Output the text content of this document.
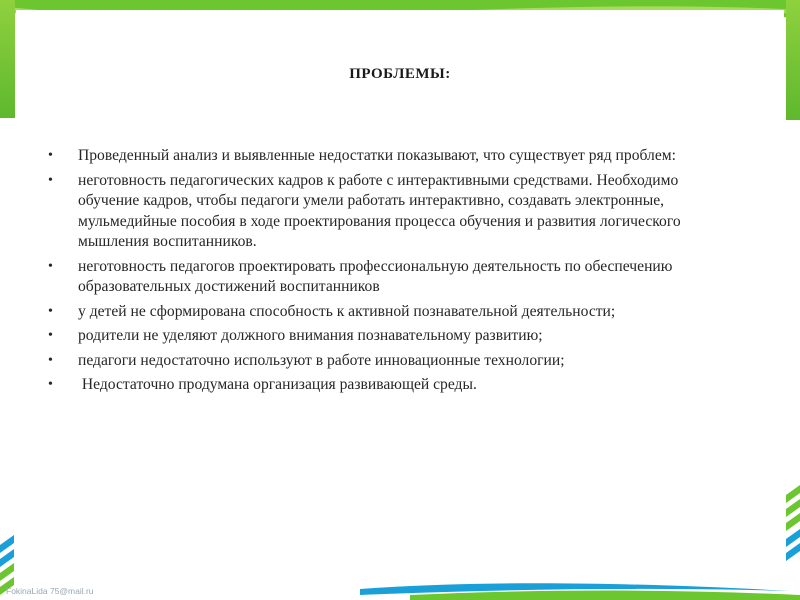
ПРОБЛЕМЫ:
• Проведенный анализ и выявленные недостатки показывают, что существует ряд проблем:
• неготовность педагогических кадров к работе с интерактивными средствами. Необходимо обучение кадров, чтобы педагоги умели работать интерактивно, создавать электронные, мульмедийные пособия в ходе проектирования процесса обучения и развития логического мышления воспитанников.
• неготовность педагогов проектировать профессиональную деятельность по обеспечению образовательных достижений воспитанников
• у детей не сформирована способность к активной познавательной деятельности;
• родители не уделяют должного внимания познавательному развитию;
• педагоги недостаточно используют в работе инновационные технологии;
• Недостаточно продумана организация развивающей среды.
FokinaLida 75@mail.ru
